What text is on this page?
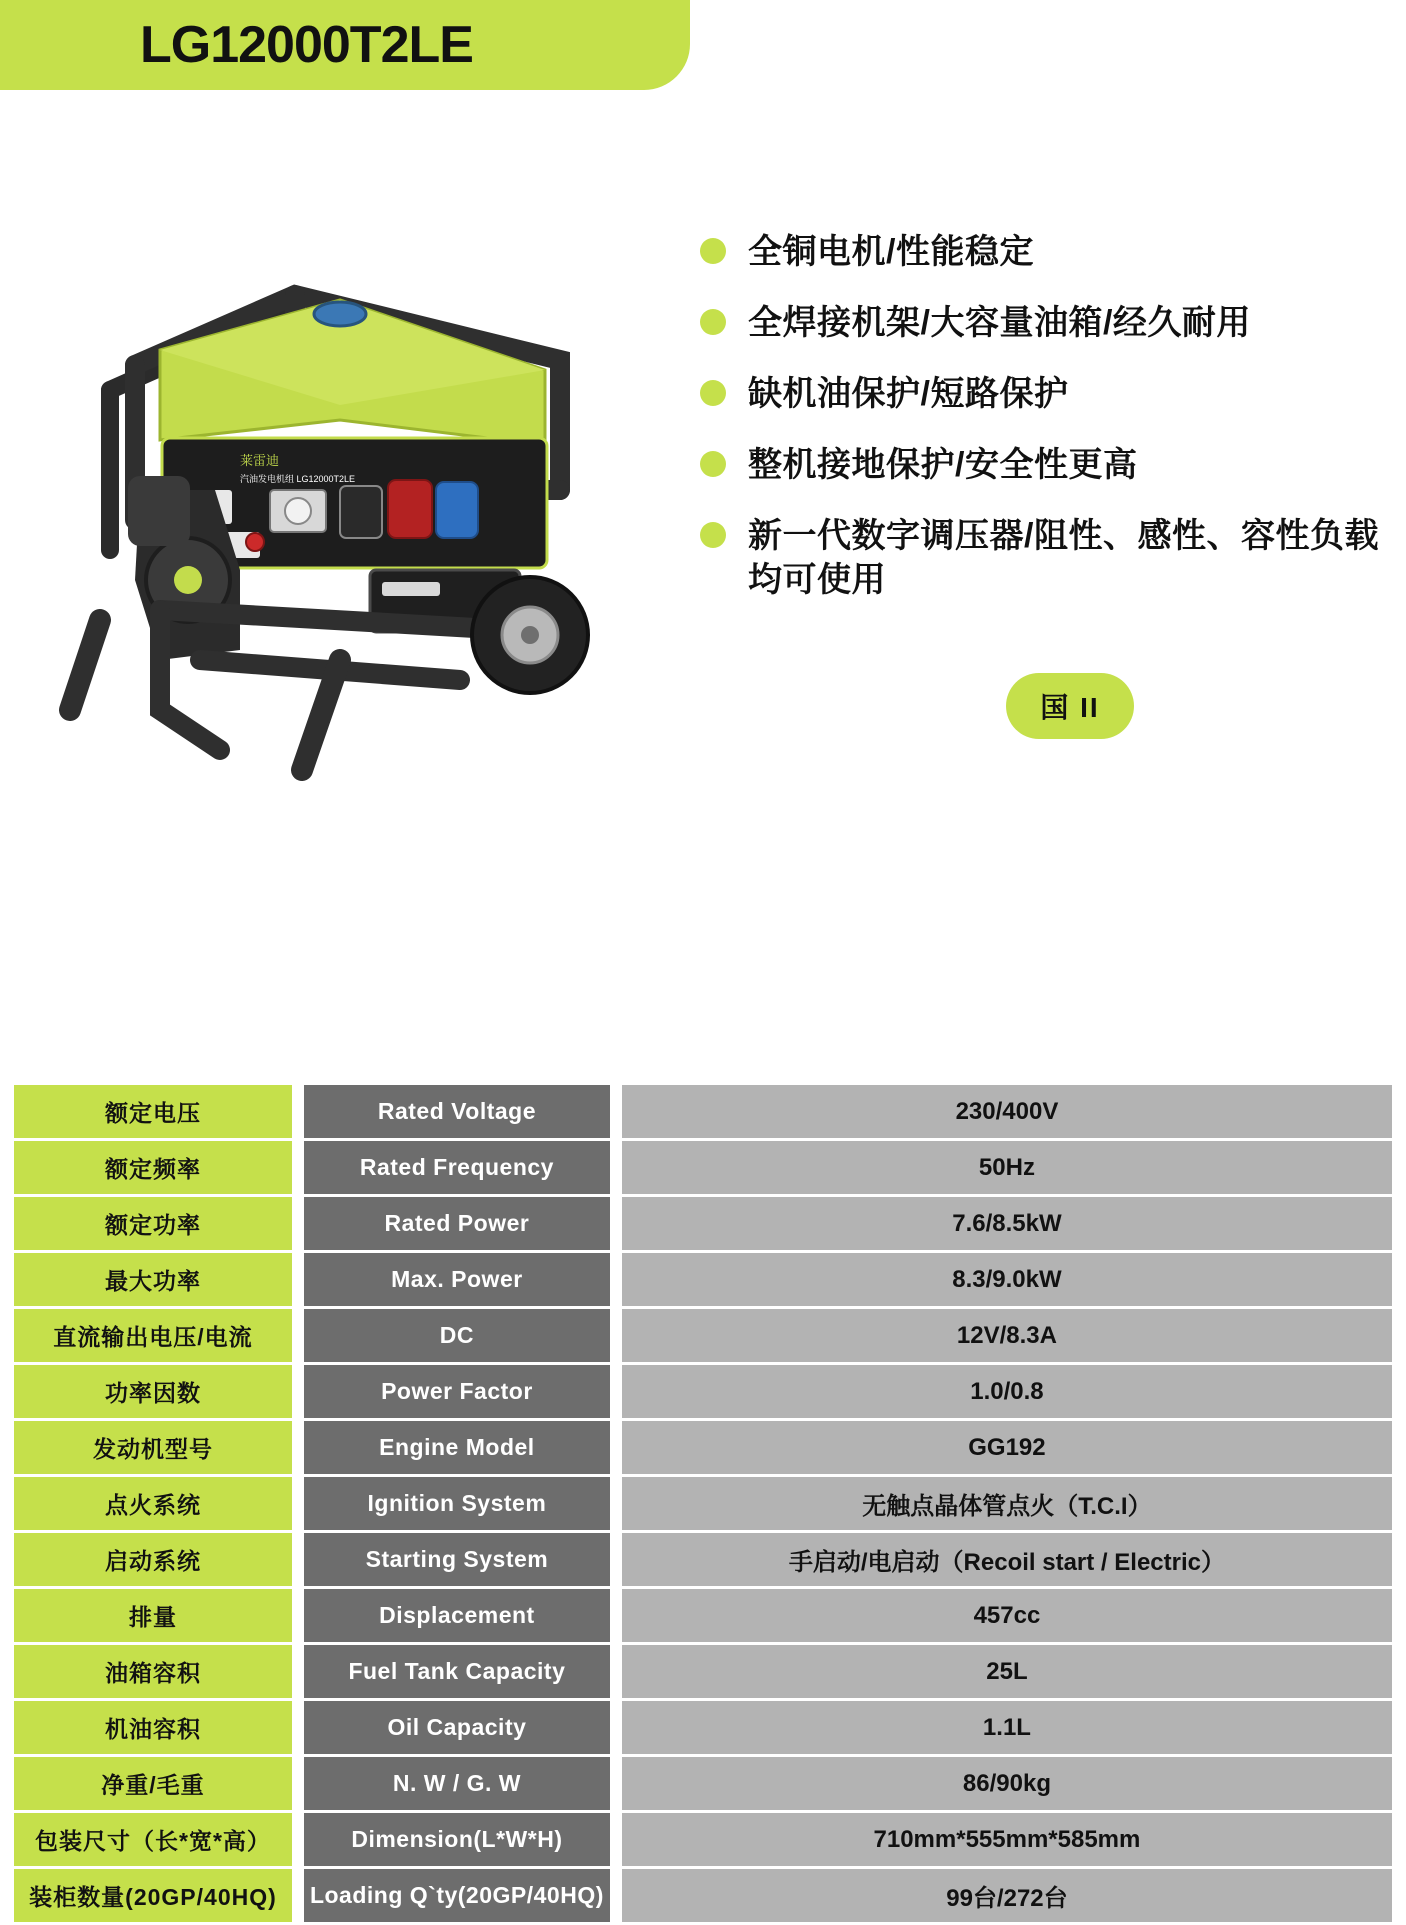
LG12000T2LE
莱雷迪
汽油发电机组 LG12000T2LE
全铜电机/性能稳定
全焊接机架/大容量油箱/经久耐用
缺机油保护/短路保护
整机接地保护/安全性更高
新一代数字调压器/阻性、感性、容性负载均可使用
国 II
额定电压		Rated Voltage		230/400V
额定频率		Rated Frequency		50Hz
额定功率		Rated Power		7.6/8.5kW
最大功率		Max. Power		8.3/9.0kW
直流输出电压/电流		DC		12V/8.3A
功率因数		Power Factor		1.0/0.8
发动机型号		Engine Model		GG192
点火系统		Ignition System		无触点晶体管点火（T.C.I）
启动系统		Starting System		手启动/电启动（Recoil start / Electric）
排量		Displacement		457cc
油箱容积		Fuel Tank Capacity		25L
机油容积		Oil Capacity		1.1L
净重/毛重		N. W / G. W		86/90kg
包装尺寸（长*宽*高）		Dimension(L*W*H)		710mm*555mm*585mm
装柜数量(20GP/40HQ)		Loading Q`ty(20GP/40HQ)		99台/272台
